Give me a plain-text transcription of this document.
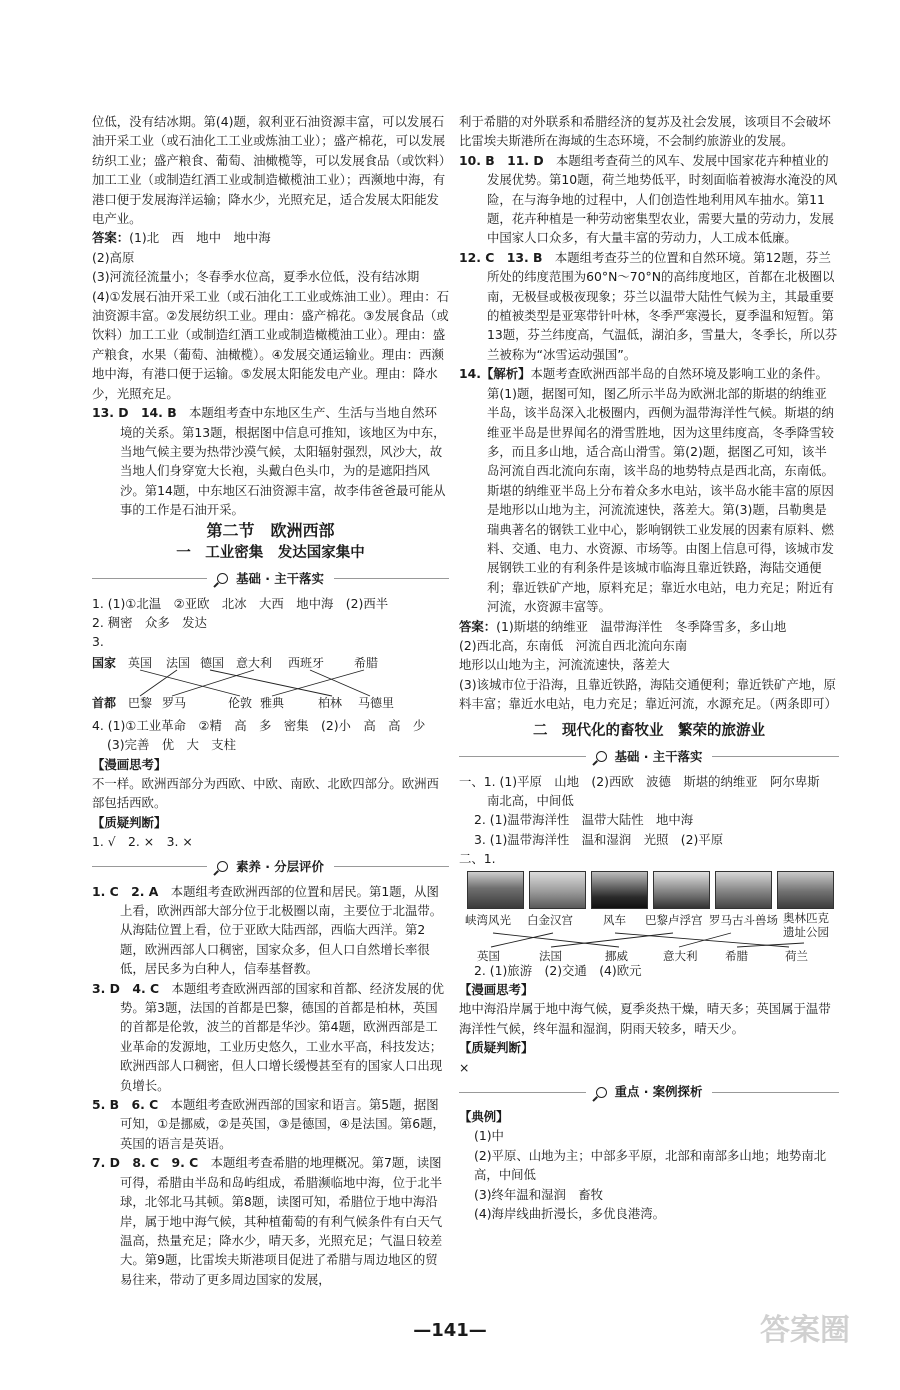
位低，没有结冰期。第(4)题，叙利亚石油资源丰富，可以发展石油开采工业（或石油化工工业或炼油工业）；盛产棉花，可以发展纺织工业；盛产粮食、葡萄、油橄榄等，可以发展食品（或饮料）加工工业（或制造红酒工业或制造橄榄油工业）；西濒地中海，有港口便于发展海洋运输；降水少，光照充足，适合发展太阳能发电产业。

答案：(1)北　西　地中　地中海

(2)高原

(3)河流径流量小；冬春季水位高，夏季水位低，没有结冰期

(4)①发展石油开采工业（或石油化工工业或炼油工业）。理由：石油资源丰富。②发展纺织工业。理由：盛产棉花。③发展食品（或饮料）加工工业（或制造红酒工业或制造橄榄油工业）。理由：盛产粮食，水果（葡萄、油橄榄）。④发展交通运输业。理由：西濒地中海，有港口便于运输。⑤发展太阳能发电产业。理由：降水少，光照充足。

13. D　14. B　本题组考查中东地区生产、生活与当地自然环境的关系。第13题，根据图中信息可推知，该地区为中东，当地气候主要为热带沙漠气候，太阳辐射强烈，风沙大，故当地人们身穿宽大长袍，头戴白色头巾，为的是遮阳挡风沙。第14题，中东地区石油资源丰富，故李伟爸爸最可能从事的工作是石油开采。

第二节　欧洲西部

一　工业密集　发达国家集中

基础 · 主干落实

1. (1)①北温　②亚欧　北冰　大西　地中海　(2)西半

2. 稠密　众多　发达

3.

国家 英国 法国 德国 意大利 西班牙 希腊
首都 巴黎 罗马	伦敦 雅典	柏林 马德里

4. (1)①工业革命　②精　高　多　密集　(2)小　高　高　少

(3)完善　优　大　支柱

【漫画思考】

不一样。欧洲西部分为西欧、中欧、南欧、北欧四部分。欧洲西部包括西欧。

【质疑判断】

1. √　2. ×　3. ×

素养 · 分层评价

1. C　2. A　本题组考查欧洲西部的位置和居民。第1题，从图上看，欧洲西部大部分位于北极圈以南，主要位于北温带。从海陆位置上看，位于亚欧大陆西部，西临大西洋。第2题，欧洲西部人口稠密，国家众多，但人口自然增长率很低，居民多为白种人，信奉基督教。

3. D　4. C　本题组考查欧洲西部的国家和首都、经济发展的优势。第3题，法国的首都是巴黎，德国的首都是柏林，英国的首都是伦敦，波兰的首都是华沙。第4题，欧洲西部是工业革命的发源地，工业历史悠久，工业水平高，科技发达；欧洲西部人口稠密，但人口增长缓慢甚至有的国家人口出现负增长。

5. B　6. C　本题组考查欧洲西部的国家和语言。第5题，据图可知，①是挪威，②是英国，③是德国，④是法国。第6题，英国的语言是英语。

7. D　8. C　9. C　本题组考查希腊的地理概况。第7题，读图可得，希腊由半岛和岛屿组成，希腊濒临地中海，位于北半球，北邻北马其顿。第8题，读图可知，希腊位于地中海沿岸，属于地中海气候，其种植葡萄的有利气候条件有白天气温高，热量充足；降水少，晴天多，光照充足；气温日较差大。第9题，比雷埃夫斯港项目促进了希腊与周边地区的贸易往来，带动了更多周边国家的发展，

利于希腊的对外联系和希腊经济的复苏及社会发展，该项目不会破坏比雷埃夫斯港所在海域的生态环境，不会制约旅游业的发展。

10. B　11. D　本题组考查荷兰的风车、发展中国家花卉种植业的发展优势。第10题，荷兰地势低平，时刻面临着被海水淹没的风险，在与海争地的过程中，人们创造性地利用风车抽水。第11题，花卉种植是一种劳动密集型农业，需要大量的劳动力，发展中国家人口众多，有大量丰富的劳动力，人工成本低廉。

12. C　13. B　本题组考查芬兰的位置和自然环境。第12题，芬兰所处的纬度范围为60°N～70°N的高纬度地区，首都在北极圈以南，无极昼或极夜现象；芬兰以温带大陆性气候为主，其最重要的植被类型是亚寒带针叶林，冬季严寒漫长，夏季温和短暂。第13题，芬兰纬度高，气温低，湖泊多，雪量大，冬季长，所以芬兰被称为“冰雪运动强国”。

14.【解析】本题考查欧洲西部半岛的自然环境及影响工业的条件。第(1)题，据图可知，图乙所示半岛为欧洲北部的斯堪的纳维亚半岛，该半岛深入北极圈内，西侧为温带海洋性气候。斯堪的纳维亚半岛是世界闻名的滑雪胜地，因为这里纬度高，冬季降雪较多，而且多山地，适合高山滑雪。第(2)题，据图乙可知，该半岛河流自西北流向东南，该半岛的地势特点是西北高，东南低。斯堪的纳维亚半岛上分布着众多水电站，该半岛水能丰富的原因是地形以山地为主，河流流速快，落差大。第(3)题，吕勒奥是瑞典著名的钢铁工业中心，影响钢铁工业发展的因素有原料、燃料、交通、电力、水资源、市场等。由图上信息可得，该城市发展钢铁工业的有利条件是该城市临海且靠近铁路，海陆交通便利；靠近铁矿产地，原料充足；靠近水电站，电力充足；附近有河流，水资源丰富等。

答案：(1)斯堪的纳维亚　温带海洋性　冬季降雪多，多山地

(2)西北高，东南低　河流自西北流向东南

地形以山地为主，河流流速快，落差大

(3)该城市位于沿海，且靠近铁路，海陆交通便利；靠近铁矿产地，原料丰富；靠近水电站，电力充足；靠近河流，水源充足。（两条即可）

二　现代化的畜牧业　繁荣的旅游业

基础 · 主干落实

一、1. (1)平原　山地　(2)西欧　波德　斯堪的纳维亚　阿尔卑斯

南北高，中间低

2. (1)温带海洋性　温带大陆性　地中海

3. (1)温带海洋性　温和湿润　光照　(2)平原

二、1.

峡湾风光 白金汉宫	风车 巴黎卢浮宫 罗马古斗兽场 奥林匹克遗址公园
英国	法国	挪威	意大利 希腊	荷兰

2. (1)旅游　(2)交通　(4)欧元

【漫画思考】

地中海沿岸属于地中海气候，夏季炎热干燥，晴天多；英国属于温带海洋性气候，终年温和湿润，阴雨天较多，晴天少。

【质疑判断】

×

重点 · 案例探析

【典例】

(1)中

(2)平原、山地为主；中部多平原，北部和南部多山地；地势南北高，中间低

(3)终年温和湿润　畜牧

(4)海岸线曲折漫长，多优良港湾。

—141—	答案圈
